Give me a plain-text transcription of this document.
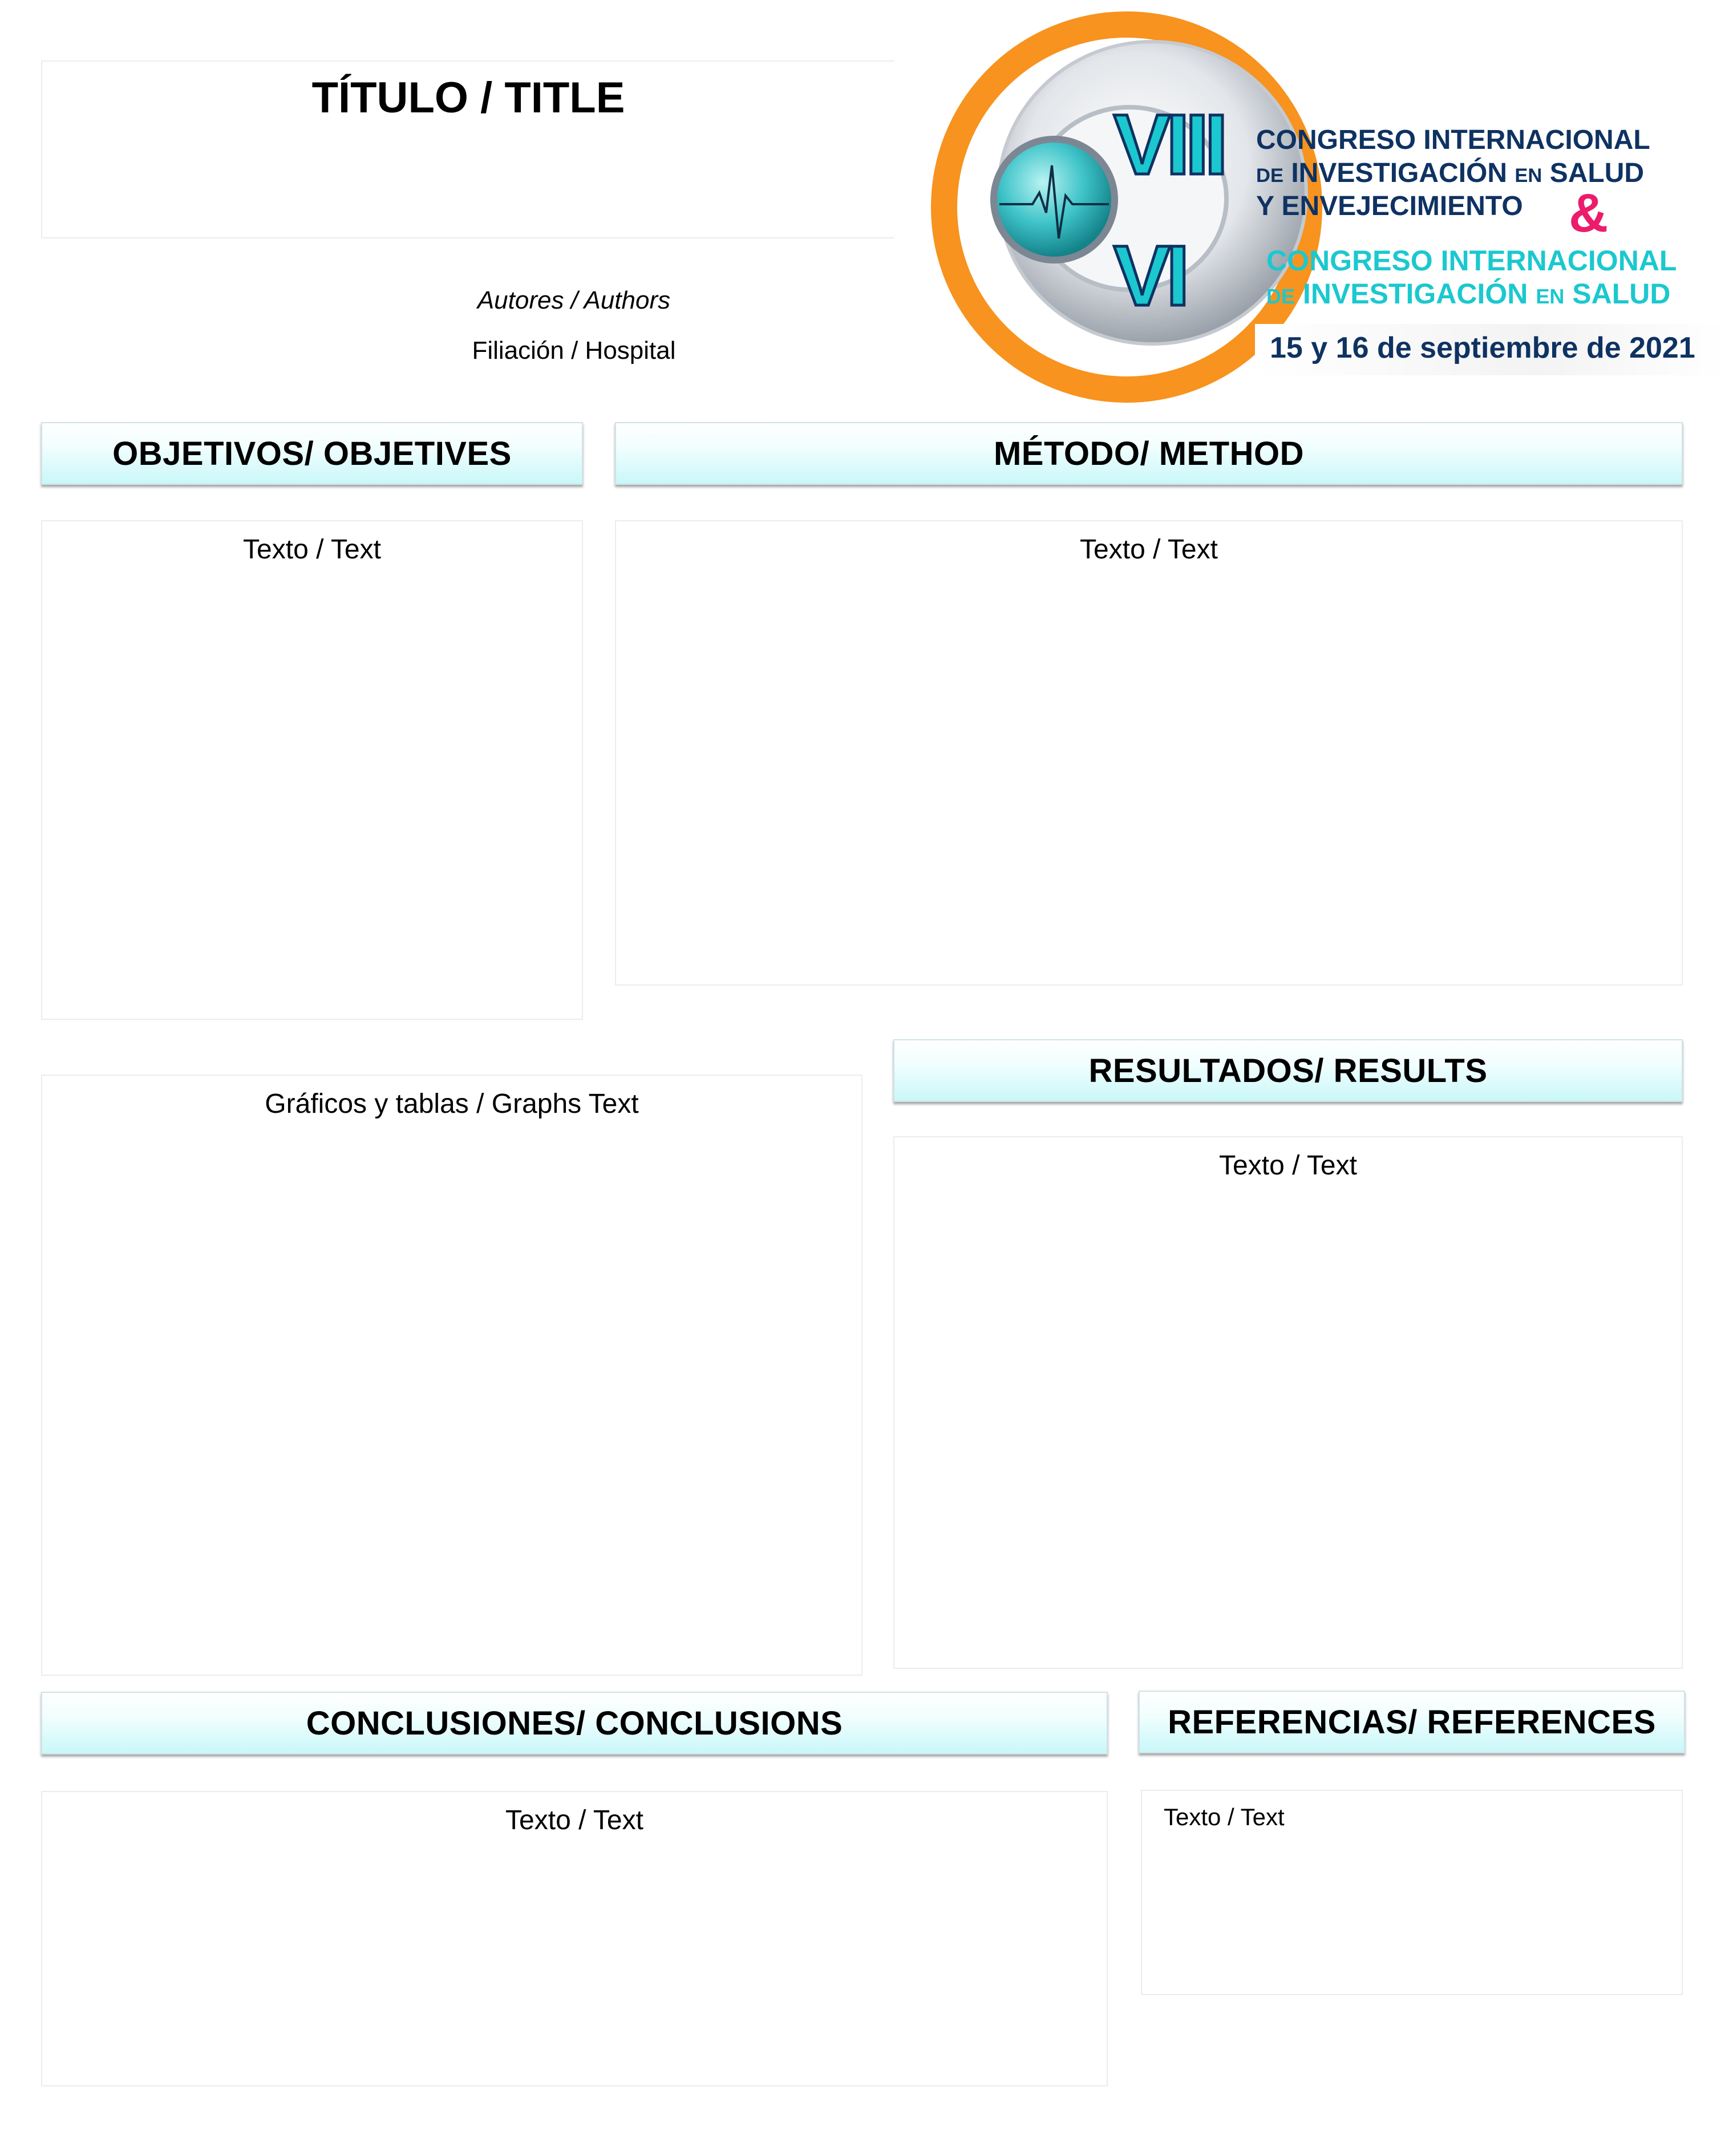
TÍTULO / TITLE
Autores / Authors
Filiación / Hospital
VIII
VI
CONGRESO INTERNACIONAL
DE INVESTIGACIÓN EN SALUD
Y ENVEJECIMIENTO &
CONGRESO INTERNACIONAL
DE INVESTIGACIÓN EN SALUD
15 y 16 de septiembre de 2021
OBJETIVOS/ OBJETIVES
Texto / Text
MÉTODO/ METHOD
Texto / Text
Gráficos y tablas / Graphs Text
RESULTADOS/ RESULTS
Texto / Text
CONCLUSIONES/ CONCLUSIONS
Texto / Text
REFERENCIAS/ REFERENCES
Texto / Text
